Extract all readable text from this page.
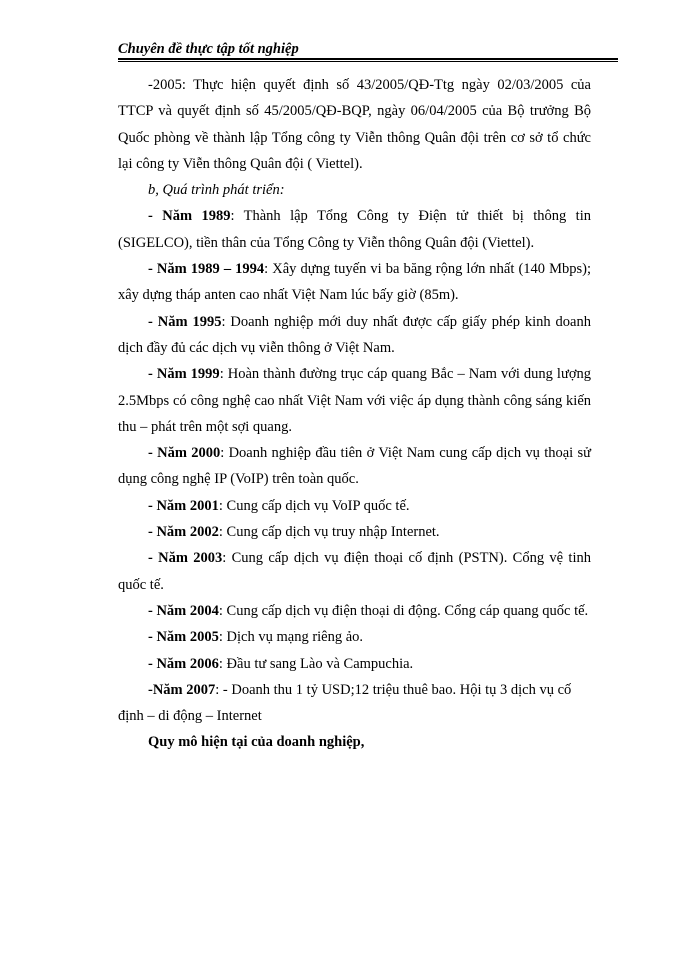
Chuyên đề thực tập tốt nghiệp

-2005: Thực hiện quyết định số 43/2005/QĐ-Ttg ngày 02/03/2005 của TTCP và quyết định số 45/2005/QĐ-BQP, ngày 06/04/2005 của Bộ trưởng Bộ Quốc phòng về thành lập Tổng công ty Viễn thông Quân đội trên cơ sở tổ chức lại công ty Viễn thông Quân đội ( Viettel).

b, Quá trình phát triển:

- Năm 1989: Thành lập Tổng Công ty Điện tử thiết bị thông tin (SIGELCO), tiền thân của Tổng Công ty Viễn thông Quân đội (Viettel).

- Năm 1989 – 1994: Xây dựng tuyến vi ba băng rộng lớn nhất (140 Mbps); xây dựng tháp anten cao nhất Việt Nam lúc bấy giờ (85m).

- Năm 1995: Doanh nghiệp mới duy nhất được cấp giấy phép kinh doanh dịch đầy đủ các dịch vụ viễn thông ở Việt Nam.

- Năm 1999: Hoàn thành đường trục cáp quang Bắc – Nam với dung lượng 2.5Mbps có công nghệ cao nhất Việt Nam với việc áp dụng thành công sáng kiến thu – phát trên một sợi quang.

- Năm 2000: Doanh nghiệp đầu tiên ở Việt Nam cung cấp dịch vụ thoại sử dụng công nghệ IP (VoIP) trên toàn quốc.

- Năm 2001: Cung cấp dịch vụ VoIP quốc tế.

- Năm 2002: Cung cấp dịch vụ truy nhập Internet.

- Năm 2003: Cung cấp dịch vụ điện thoại cố định (PSTN). Cổng vệ tinh quốc tế.

- Năm 2004: Cung cấp dịch vụ điện thoại di động. Cổng cáp quang quốc tế.

- Năm 2005: Dịch vụ mạng riêng ảo.

- Năm 2006: Đầu tư sang Lào và Campuchia.

-Năm 2007: - Doanh thu 1 tỷ USD;12 triệu thuê bao. Hội tụ 3 dịch vụ cố định – di động – Internet

Quy mô hiện tại của doanh nghiệp,
